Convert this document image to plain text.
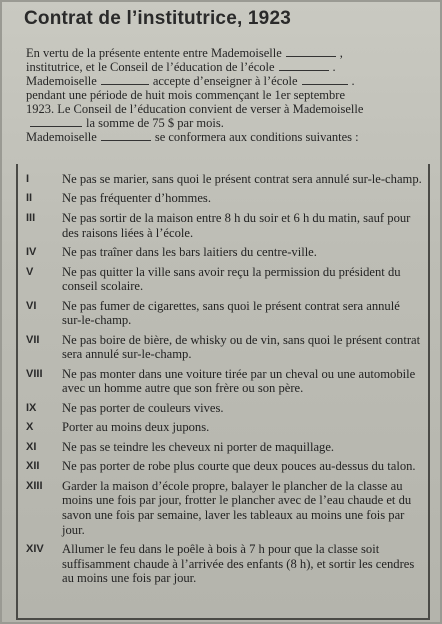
Contrat de l’institutrice, 1923
En vertu de la présente entente entre Mademoiselle	,
institutrice, et le Conseil de l’éducation de l’école	.
Mademoiselle	accepte d’enseigner à l’école	.
pendant une période de huit mois commençant le 1er septembre
1923. Le Conseil de l’éducation convient de verser à Mademoiselle
la somme de 75 $ par mois.
Mademoiselle	se conformera aux conditions suivantes :
I	Ne pas se marier, sans quoi le présent contrat sera annulé sur-le-champ.
II	Ne pas fréquenter d’hommes.
III	Ne pas sortir de la maison entre 8 h du soir et 6 h du matin, sauf pour des raisons liées à l’école.
IV	Ne pas traîner dans les bars laitiers du centre-ville.
V	Ne pas quitter la ville sans avoir reçu la permission du président du conseil scolaire.
VI	Ne pas fumer de cigarettes, sans quoi le présent contrat sera annulé sur-le-champ.
VII	Ne pas boire de bière, de whisky ou de vin, sans quoi le présent contrat sera annulé sur-le-champ.
VIII	Ne pas monter dans une voiture tirée par un cheval ou une automobile avec un homme autre que son frère ou son père.
IX	Ne pas porter de couleurs vives.
X	Porter au moins deux jupons.
XI	Ne pas se teindre les cheveux ni porter de maquillage.
XII	Ne pas porter de robe plus courte que deux pouces au-dessus du talon.
XIII	Garder la maison d’école propre, balayer le plancher de la classe au moins une fois par jour, frotter le plancher avec de l’eau chaude et du savon une fois par semaine, laver les tableaux au moins une fois par jour.
XIV	Allumer le feu dans le poêle à bois à 7 h pour que la classe soit suffisamment chaude à l’arrivée des enfants (8 h), et sortir les cendres au moins une fois par jour.
